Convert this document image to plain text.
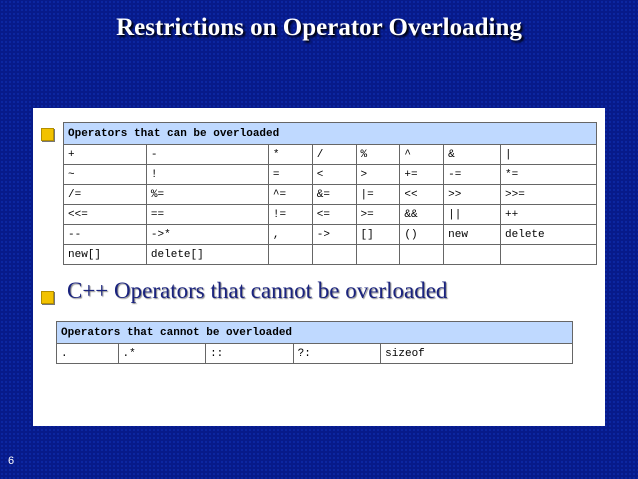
Restrictions on Operator Overloading
Operators that can be overloaded							
+	-	*	/	%	^	&	|
~	!	=	<	>	+=	-=	*=
/=	%=	^=	&=	|=	<<	>>	>>=
<<=	==	!=	<=	>=	&&	||	++
--	->*	,	->	[]	()	new	delete
new[]	delete[]						
C++ Operators that cannot be overloaded
Operators that cannot be overloaded
.	.*	::	?:	sizeof
6
